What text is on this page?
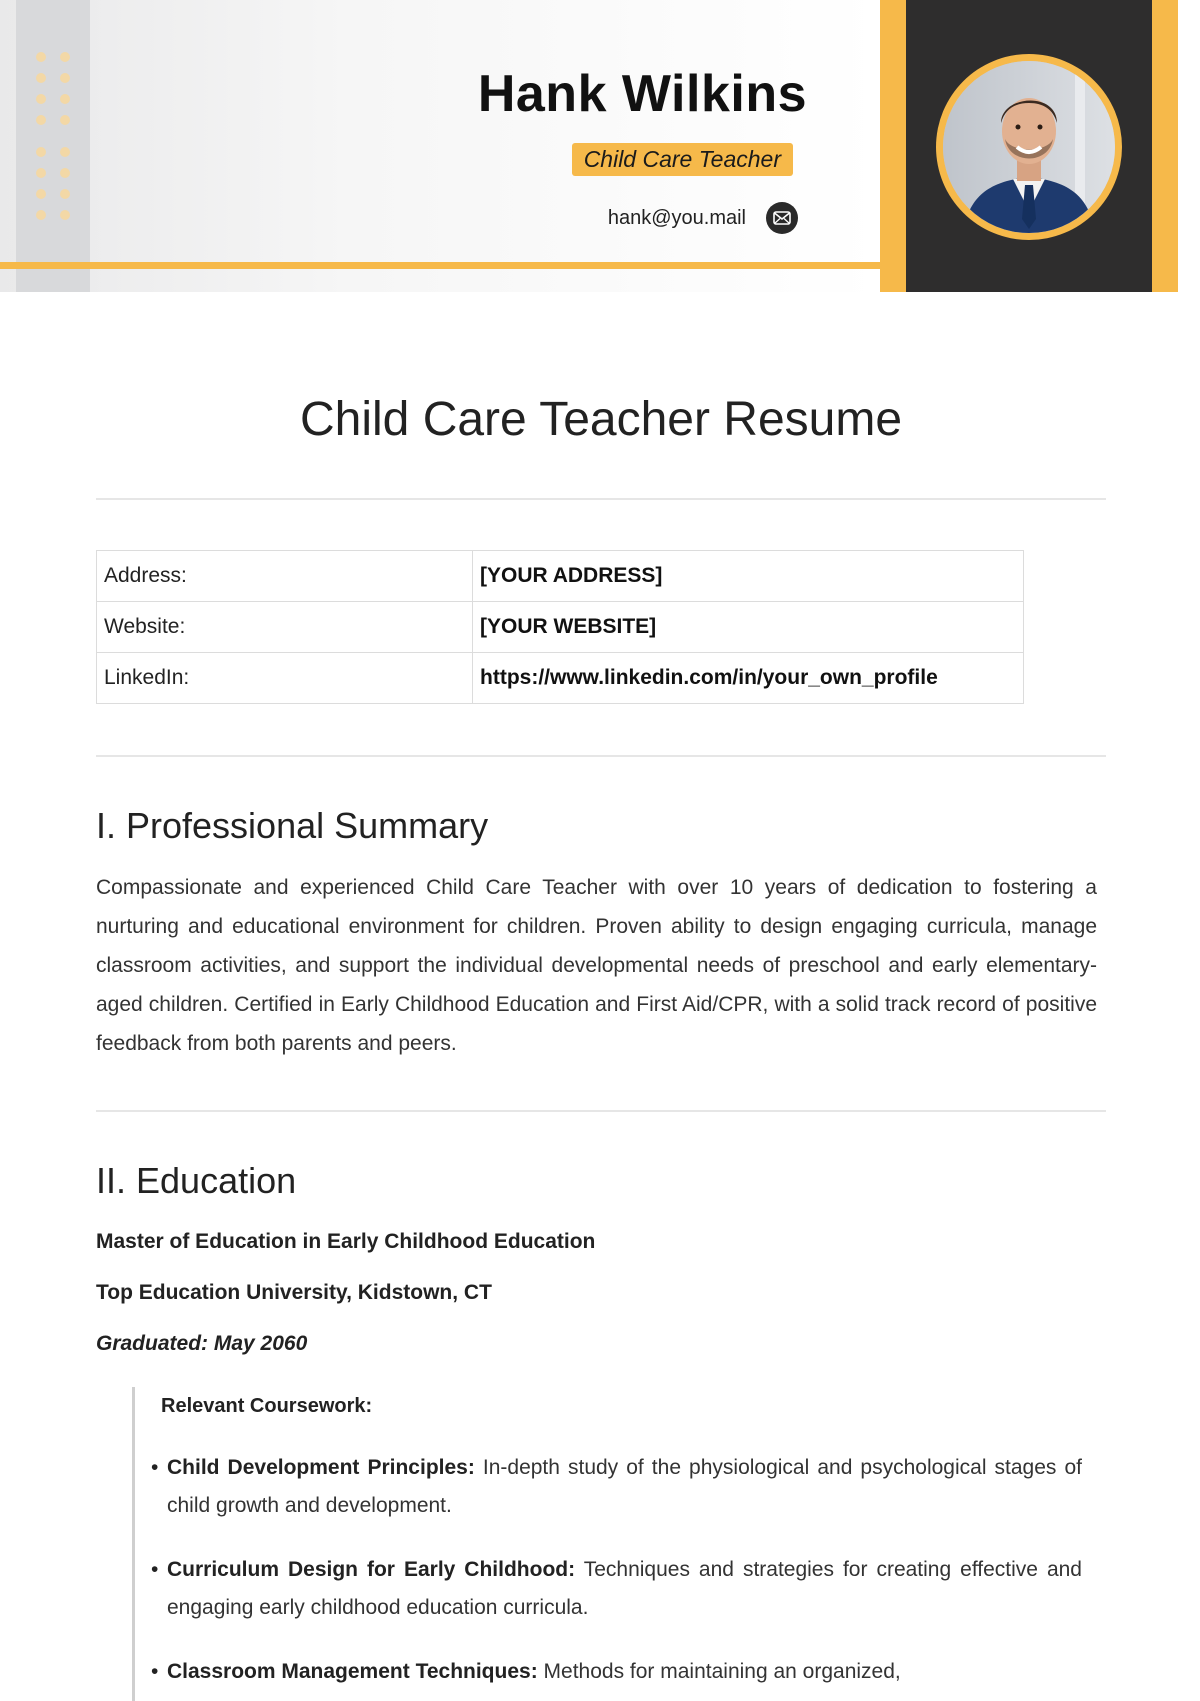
Hank Wilkins
Child Care Teacher
hank@you.mail
Child Care Teacher Resume
Address:	[YOUR ADDRESS]
Website:	[YOUR WEBSITE]
LinkedIn:	https://www.linkedin.com/in/your_own_profile
I. Professional Summary

Compassionate and experienced Child Care Teacher with over 10 years of dedication to fostering a nurturing and educational environment for children. Proven ability to design engaging curricula, manage classroom activities, and support the individual developmental needs of preschool and early elementary-aged children. Certified in Early Childhood Education and First Aid/CPR, with a solid track record of positive feedback from both parents and peers.

II. Education
Master of Education in Early Childhood Education
Top Education University, Kidstown, CT
Graduated: May 2060
Relevant Coursework:
• Child Development Principles: In-depth study of the physiological and psychological stages of child growth and development.
• Curriculum Design for Early Childhood: Techniques and strategies for creating effective and engaging early childhood education curricula.
• Classroom Management Techniques: Methods for maintaining an organized,
